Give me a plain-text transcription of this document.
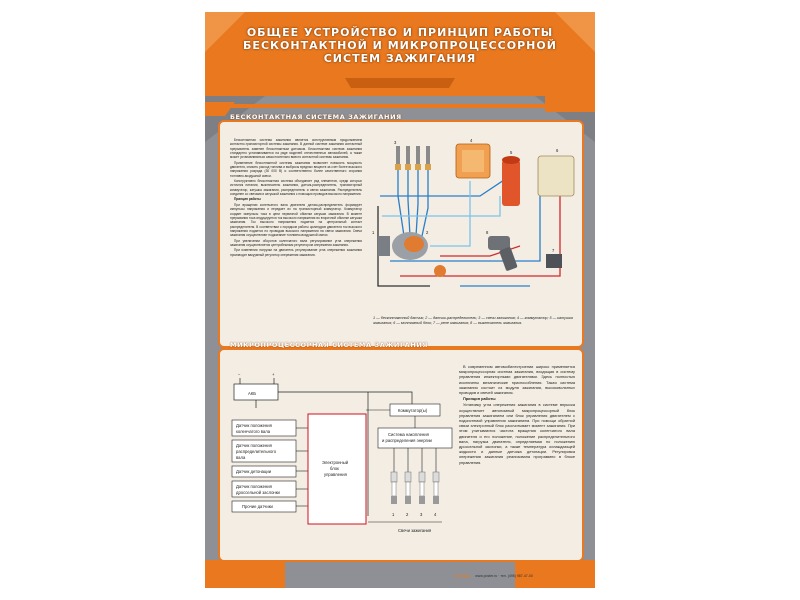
ОБЩЕЕ УСТРОЙСТВО И ПРИНЦИП РАБОТЫ
БЕСКОНТАКТНОЙ И МИКРОПРОЦЕССОРНОЙ
СИСТЕМ ЗАЖИГАНИЯ
БЕСКОНТАКТНАЯ СИСТЕМА ЗАЖИГАНИЯ

Бесконтактная система зажигания является конструктивным продолжением контактно-транзисторной системы зажигания. В данной системе зажигания контактный прерыватель заменен бесконтактным датчиком. Бесконтактная система зажигания стандартно устанавливается на ряде моделей отечественных автомобилей, а также может устанавливаться самостоятельно вместо контактной системы зажигания.

Применение бесконтактной системы зажигания позволяет повысить мощность двигателя, снизить расход топлива и выбросы вредных веществ за счет более высокого напряжения разряда (30 000 В) и соответственно более качественного сгорания топливно-воздушной смеси.

Конструктивно бесконтактная система объединяет ряд элементов, среди которых источник питания, выключатель зажигания, датчик-распределитель, транзисторный коммутатор, катушка зажигания, распределитель и свечи зажигания. Распределитель соединен со свечами и катушкой зажигания с помощью проводов высокого напряжения.

Принцип работы

При вращении коленчатого вала двигателя датчик-распределитель формирует импульсы напряжения и передает их на транзисторный коммутатор. Коммутатор создает импульсы тока в цепи первичной обмотки катушки зажигания. В момент прерывания тока индуцируется ток высокого напряжения во вторичной обмотке катушки зажигания. Ток высокого напряжения подается на центральный контакт распределителя. В соответствии с порядком работы цилиндров двигателя ток высокого напряжения подается по проводам высокого напряжения на свечи зажигания. Свечи зажигания осуществляют поджигание топливно-воздушной смеси.

При увеличении оборотов коленчатого вала регулирование угла опережения зажигания осуществляется центробежным регулятором опережения зажигания.

При изменении нагрузки на двигатель регулирование угла опережения зажигания производит вакуумный регулятор опережения зажигания.

3	4
5	6
1	2
7
8
1 — бесконтактный датчик; 2 — датчик-распределитель; 3 — свечи зажигания; 4 — коммутатор; 5 — катушка зажигания; 6 — монтажный блок; 7 — реле зажигания; 8 — выключатель зажигания.
МИКРОПРОЦЕССОРНАЯ СИСТЕМА ЗАЖИГАНИЯ
−	+
АКБ
Датчик положения
коленчатого вала
Датчик положения
распределительного
вала
Датчик детонации
Датчик положения
дроссельной заслонки
Прочие датчики
Электронный
блок
управления
Коммутатор(ы)
Система накопления
и распределения энергии
1	2	3	4
Свечи зажигания

В современном автомобилестроении широко применяется микропроцессорная система зажигания, входящая в систему управления инжекторными двигателями. Здесь полностью исключены механические приспособления. Такая система зажигания состоит из модуля зажигания, высоковольтных проводов и свечей зажигания.

Принцип работы

Установку угла опережения зажигания в системе впрыска осуществляет автономный микропроцессорный блок управления зажиганием или блок управления двигателем с подсистемой управления зажиганием. При помощи обратной связи электронный блок рассчитывает момент зажигания. При этом учитываются частота вращения коленчатого вала двигателя и его положение, положение распределительного вала, нагрузка двигателя, определяемая по положению дроссельной заслонки, а также температура охлаждающей жидкости и данные датчика детонации. Регулировка опережения зажигания реализована программно в блоке управления.

Колледж www.poster.ru · тел. (495) 987-47-00
